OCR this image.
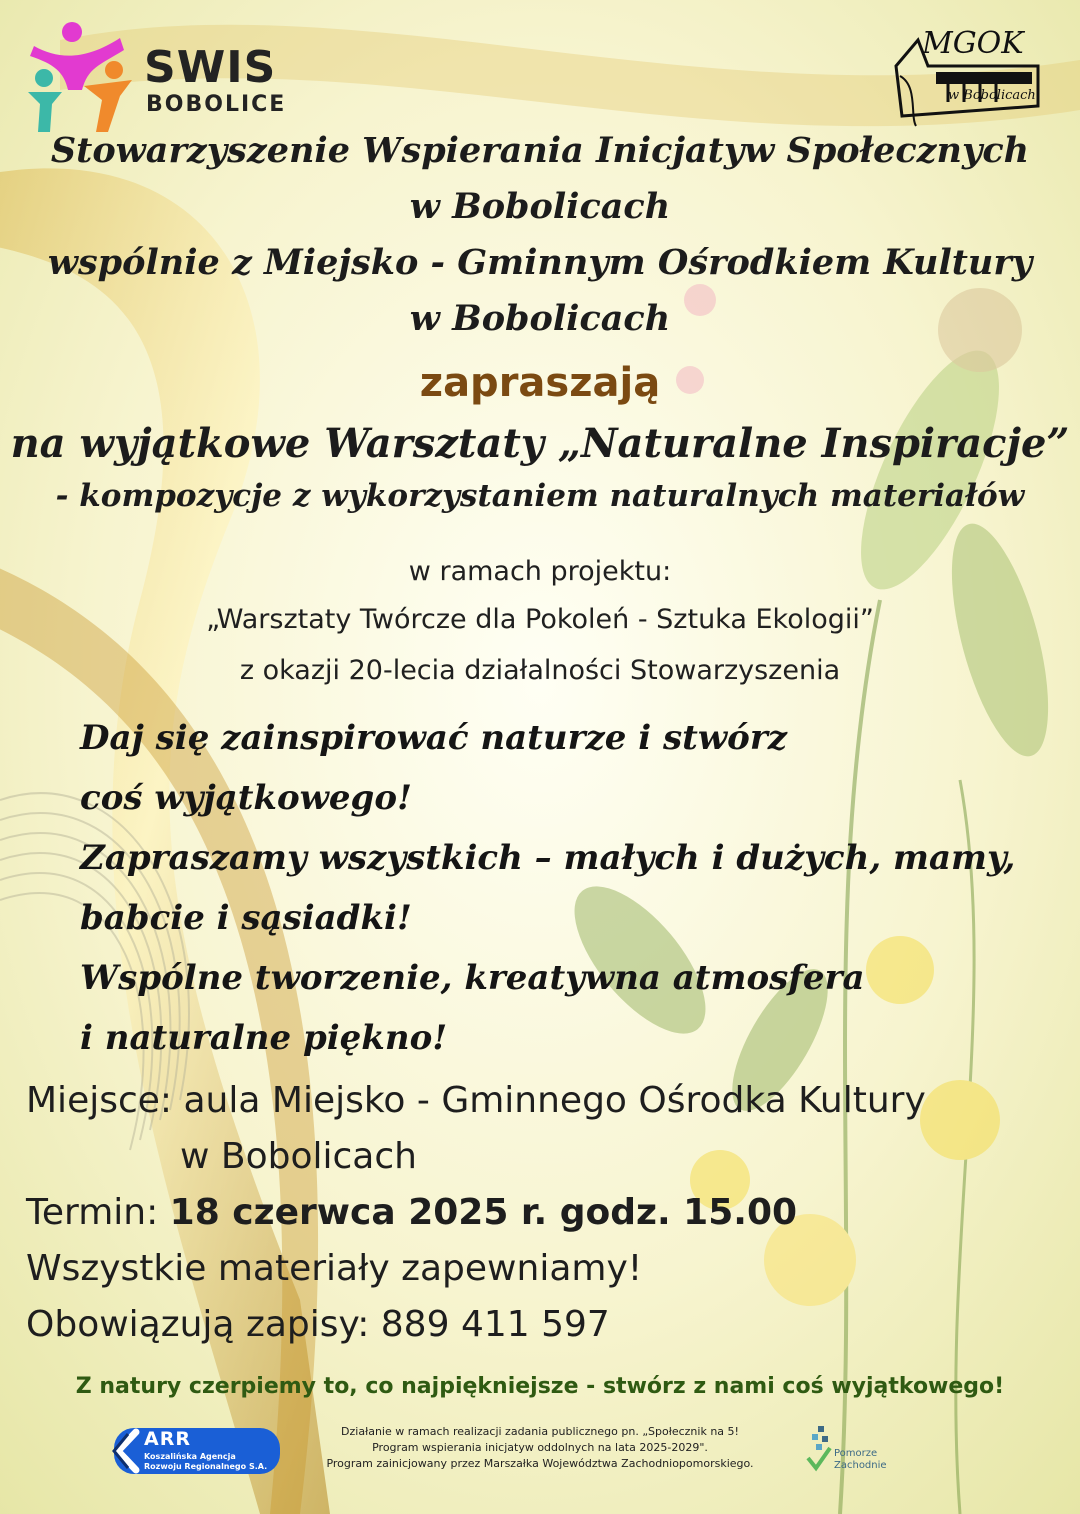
SWIS
BOBOLICE
MGOK
w Bobolicach
Stowarzyszenie Wspierania Inicjatyw Społecznych
w Bobolicach
wspólnie z Miejsko - Gminnym Ośrodkiem Kultury
w Bobolicach
zapraszają
na wyjątkowe Warsztaty „Naturalne Inspiracje”
- kompozycje z wykorzystaniem naturalnych materiałów
w ramach projektu:
„Warsztaty Twórcze dla Pokoleń - Sztuka Ekologii”
z okazji 20-lecia działalności Stowarzyszenia
Daj się zainspirować naturze i stwórz
coś wyjątkowego!
Zapraszamy wszystkich – małych i dużych, mamy,
babcie i sąsiadki!
Wspólne tworzenie, kreatywna atmosfera
i naturalne piękno!
Miejsce: aula Miejsko - Gminnego Ośrodka Kultury
w Bobolicach
Termin: 18 czerwca 2025 r. godz. 15.00
Wszystkie materiały zapewniamy!
Obowiązują zapisy: 889 411 597
Z natury czerpiemy to, co najpiękniejsze - stwórz z nami coś wyjątkowego!
ARR
Koszalińska Agencja
Rozwoju Regionalnego S.A.
Działanie w ramach realizacji zadania publicznego pn. „Społecznik na 5!
Program wspierania inicjatyw oddolnych na lata 2025-2029".
Program zainicjowany przez Marszałka Województwa Zachodniopomorskiego.
Pomorze
Zachodnie
